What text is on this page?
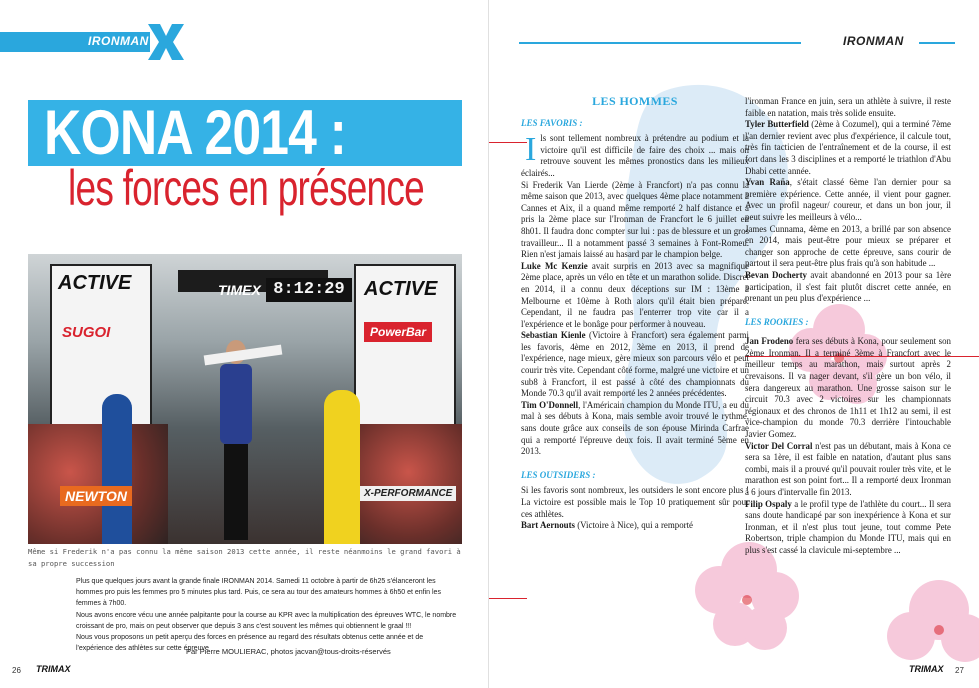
IRONMAN
KONA 2014 :
les forces en présence
TIMEX 8:12:29
ACTIVE	ACTIVE
SUGOI	PowerBar
NEWTON	X-PERFORMANCE
Même si Frederik n'a pas connu la même saison 2013 cette année, il reste néanmoins le grand favori à sa propre succession

Plus que quelques jours avant la grande finale IRONMAN 2014. Samedi 11 octobre à partir de 6h25 s'élanceront les hommes pro puis les femmes pro 5 minutes plus tard. Puis, ce sera au tour des amateurs hommes à 6h50 et enfin les femmes à 7h00.

Nous avons encore vécu une année palpitante pour la course au KPR avec la multiplication des épreuves WTC, le nombre croissant de pro, mais on peut observer que depuis 3 ans c'est souvent les mêmes qui obtiennent le graal !!!

Nous vous proposons un petit aperçu des forces en présence au regard des résultats obtenus cette année et de l'expérience des athlètes sur cette épreuve

Par Pierre MOULIERAC, photos jacvan@tous-droits-réservés
26 TRIMAX
IRONMAN
LES HOMMES
LES FAVORIS :

Ils sont tellement nombreux à prétendre au podium et la victoire qu'il est difficile de faire des choix ... mais on retrouve souvent les mêmes pronostics dans les milieux éclairés...

Si Frederik Van Lierde (2ème à Francfort) n'a pas connu la même saison que 2013, avec quelques 4ème place notamment à Cannes et Aix, il a quand même remporté 2 half distance et a pris la 2ème place sur l'Ironman de Francfort le 6 juillet en 8h01. Il faudra donc compter sur lui : pas de blessure et un gros travailleur... Il a notamment passé 3 semaines à Font-Romeu. Rien n'est jamais laissé au hasard par le champion belge.

Luke Mc Kenzie avait surpris en 2013 avec sa magnifique 2ème place, après un vélo en tête et un marathon solide. Discret en 2014, il a connu deux déceptions sur IM : 13ème à Melbourne et 10ème à Roth alors qu'il était bien préparé. Cependant, il ne faudra pas l'enterrer trop vite car il a l'expérience et le bonâge pour performer à nouveau.

Sebastian Kienle (Victoire à Francfort) sera également parmi les favoris, 4ème en 2012, 3ème en 2013, il prend de l'expérience, nage mieux, gère mieux son parcours vélo et peut courir très vite. Cependant côté forme, malgré une victoire et un sub8 à Francfort, il est passé à côté des championnats du Monde 70.3 qu'il avait remporté les 2 années précédentes.

Tim O'Donnell, l'Américain champion du Monde ITU, a eu du mal à ses débuts à Kona, mais semble avoir trouvé le rythme, sans doute grâce aux conseils de son épouse Mirinda Carfrae qui a remporté l'épreuve deux fois. Il avait terminé 5ème en 2013.

LES OUTSIDERS :

Si les favoris sont nombreux, les outsiders le sont encore plus ! La victoire est possible mais le Top 10 pratiquement sûr pour ces athlètes.

Bart Aernouts (Victoire à Nice), qui a remporté

l'ironman France en juin, sera un athlète à suivre, il reste faible en natation, mais très solide ensuite.

Tyler Butterfield (2ème à Cozumel), qui a terminé 7ème l'an dernier revient avec plus d'expérience, il calcule tout, très fin tacticien de l'entraînement et de la course, il est fort dans les 3 disciplines et a remporté le triathlon d'Abu Dhabi cette année.

Yvan Raña, s'était classé 6ème l'an dernier pour sa première expérience. Cette année, il vient pour gagner. Avec un profil nageur/ coureur, et dans un bon jour, il peut suivre les meilleurs à vélo...

James Cunnama, 4ème en 2013, a brillé par son absence en 2014, mais peut-être pour mieux se préparer et changer son approche de cette épreuve, sans courir de partout il sera peut-être plus frais qu'à son habitude ...

Bevan Docherty avait abandonné en 2013 pour sa 1ère participation, il s'est fait plutôt discret cette année, en prenant un peu plus d'expérience ...

LES ROOKIES :

Jan Frodeno fera ses débuts à Kona, pour seulement son 2ème Ironman. Il a terminé 3ème à Francfort avec le meilleur temps au marathon, mais surtout après 2 crevaisons. Il va nager devant, s'il gère un bon vélo, il sera dangereux au marathon. Une grosse saison sur le circuit 70.3 avec 2 victoires sur les championnats régionaux et des chronos de 1h11 et 1h12 au semi, il est vice-champion du monde 70.3 derrière l'intouchable Javier Gomez.

Victor Del Corral n'est pas un débutant, mais à Kona ce sera sa 1ère, il est faible en natation, d'autant plus sans combi, mais il a prouvé qu'il pouvait rouler très vite, et le marathon est son point fort... Il a remporté deux Ironman à 6 jours d'intervalle fin 2013.

Filip Ospaly a le profil type de l'athlète du court... Il sera sans doute handicapé par son inexpérience à Kona et sur Ironman, et il n'est plus tout jeune, tout comme Pete Robertson, triple champion du Monde ITU, mais qui en plus s'est cassé la clavicule mi-septembre ...

TRIMAX 27
